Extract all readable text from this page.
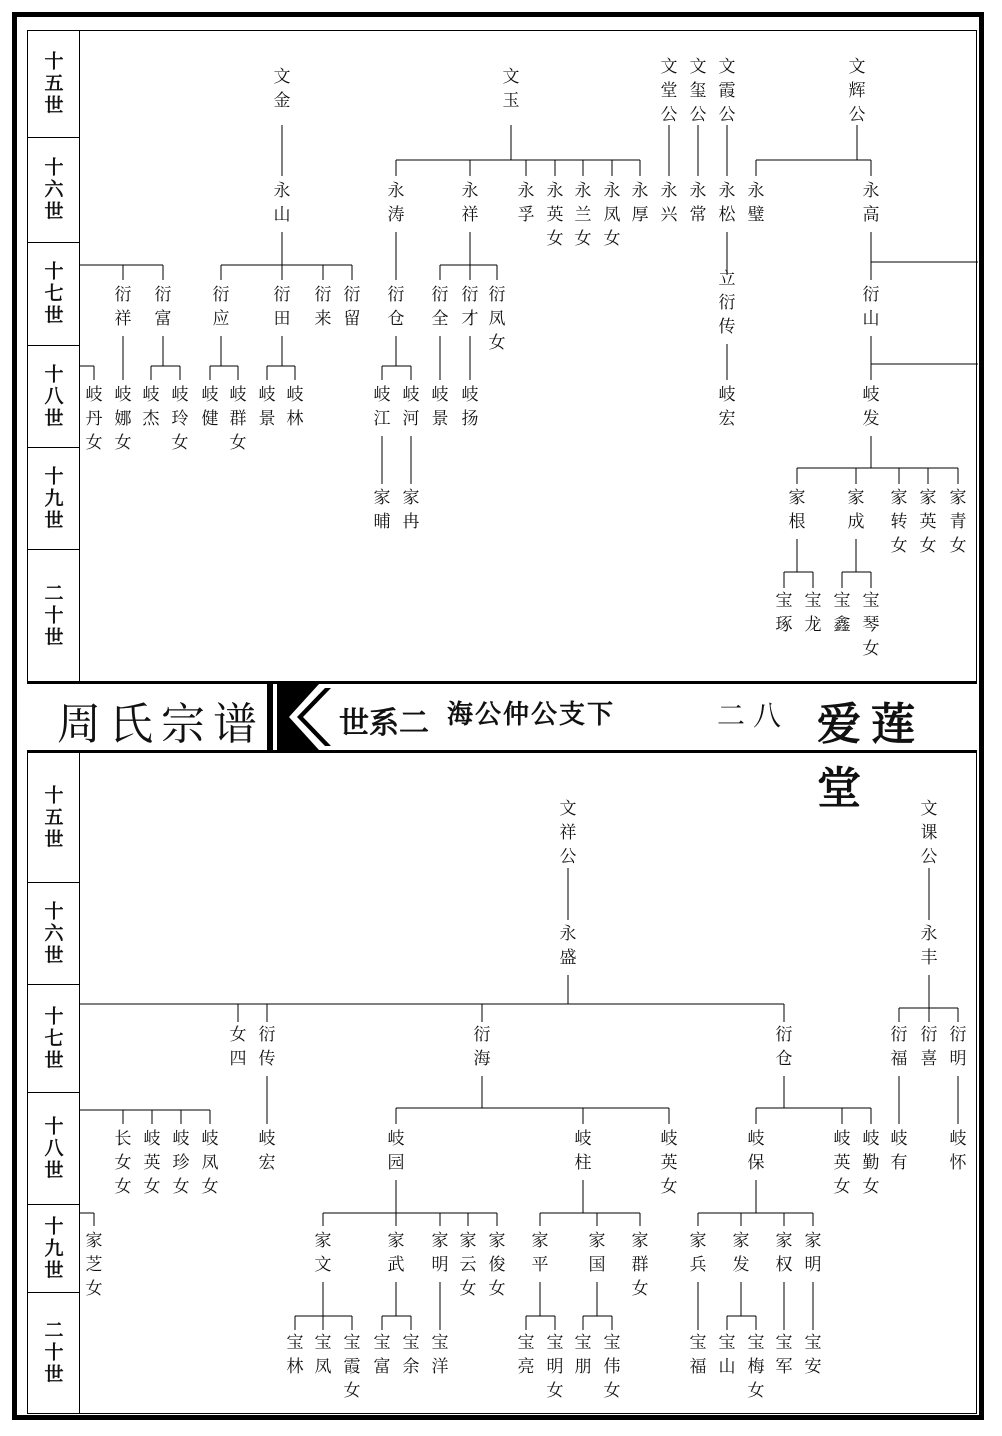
十五世
十六世
十七世
十八世
十九世
二十世
十五世
十六世
十七世
十八世
十九世
二十世
文
金
文
玉
文
堂
公
文
玺
公
文
霞
公
文
辉
公
永
山
永
涛
永
祥
永
孚
永
英
女
永
兰
女
永
凤
女
永
厚
永
兴
永
常
永
松
永
璧
永
高
衍
祥
衍
富
衍
应
衍
田
衍
来
衍
留
衍
仓
衍
全
衍
才
衍
凤
女
立
衍
传
衍
山
岐
丹
女
岐
娜
女
岐
杰
岐
玲
女
岐
健
岐
群
女
岐
景
岐
林
岐
江
岐
河
岐
景
岐
扬
岐
宏
岐
发
家
晡
家
冉
家
根
家
成
家
转
女
家
英
女
家
青
女
宝
琢
宝
龙
宝
鑫
宝
琴
女
文
祥
公
文
课
公
永
盛
永
丰
女
四
衍
传
衍
海
衍
仓
衍
福
衍
喜
衍
明
长
女
女
岐
英
女
岐
珍
女
岐
凤
女
岐
宏
岐
园
岐
柱
岐
英
女
岐
保
岐
英
女
岐
勤
女
岐
有
岐
怀
家
芝
女
家
文
家
武
家
明
家
云
女
家
俊
女
家
平
家
国
家
群
女
家
兵
家
发
家
权
家
明
宝
林
宝
凤
宝
霞
女
宝
富
宝
余
宝
洋
宝
亮
宝
明
女
宝
朋
宝
伟
女
宝
福
宝
山
宝
梅
女
宝
军
宝
安
周氏宗谱 世系二 海公仲公支下	二八 爱莲堂
